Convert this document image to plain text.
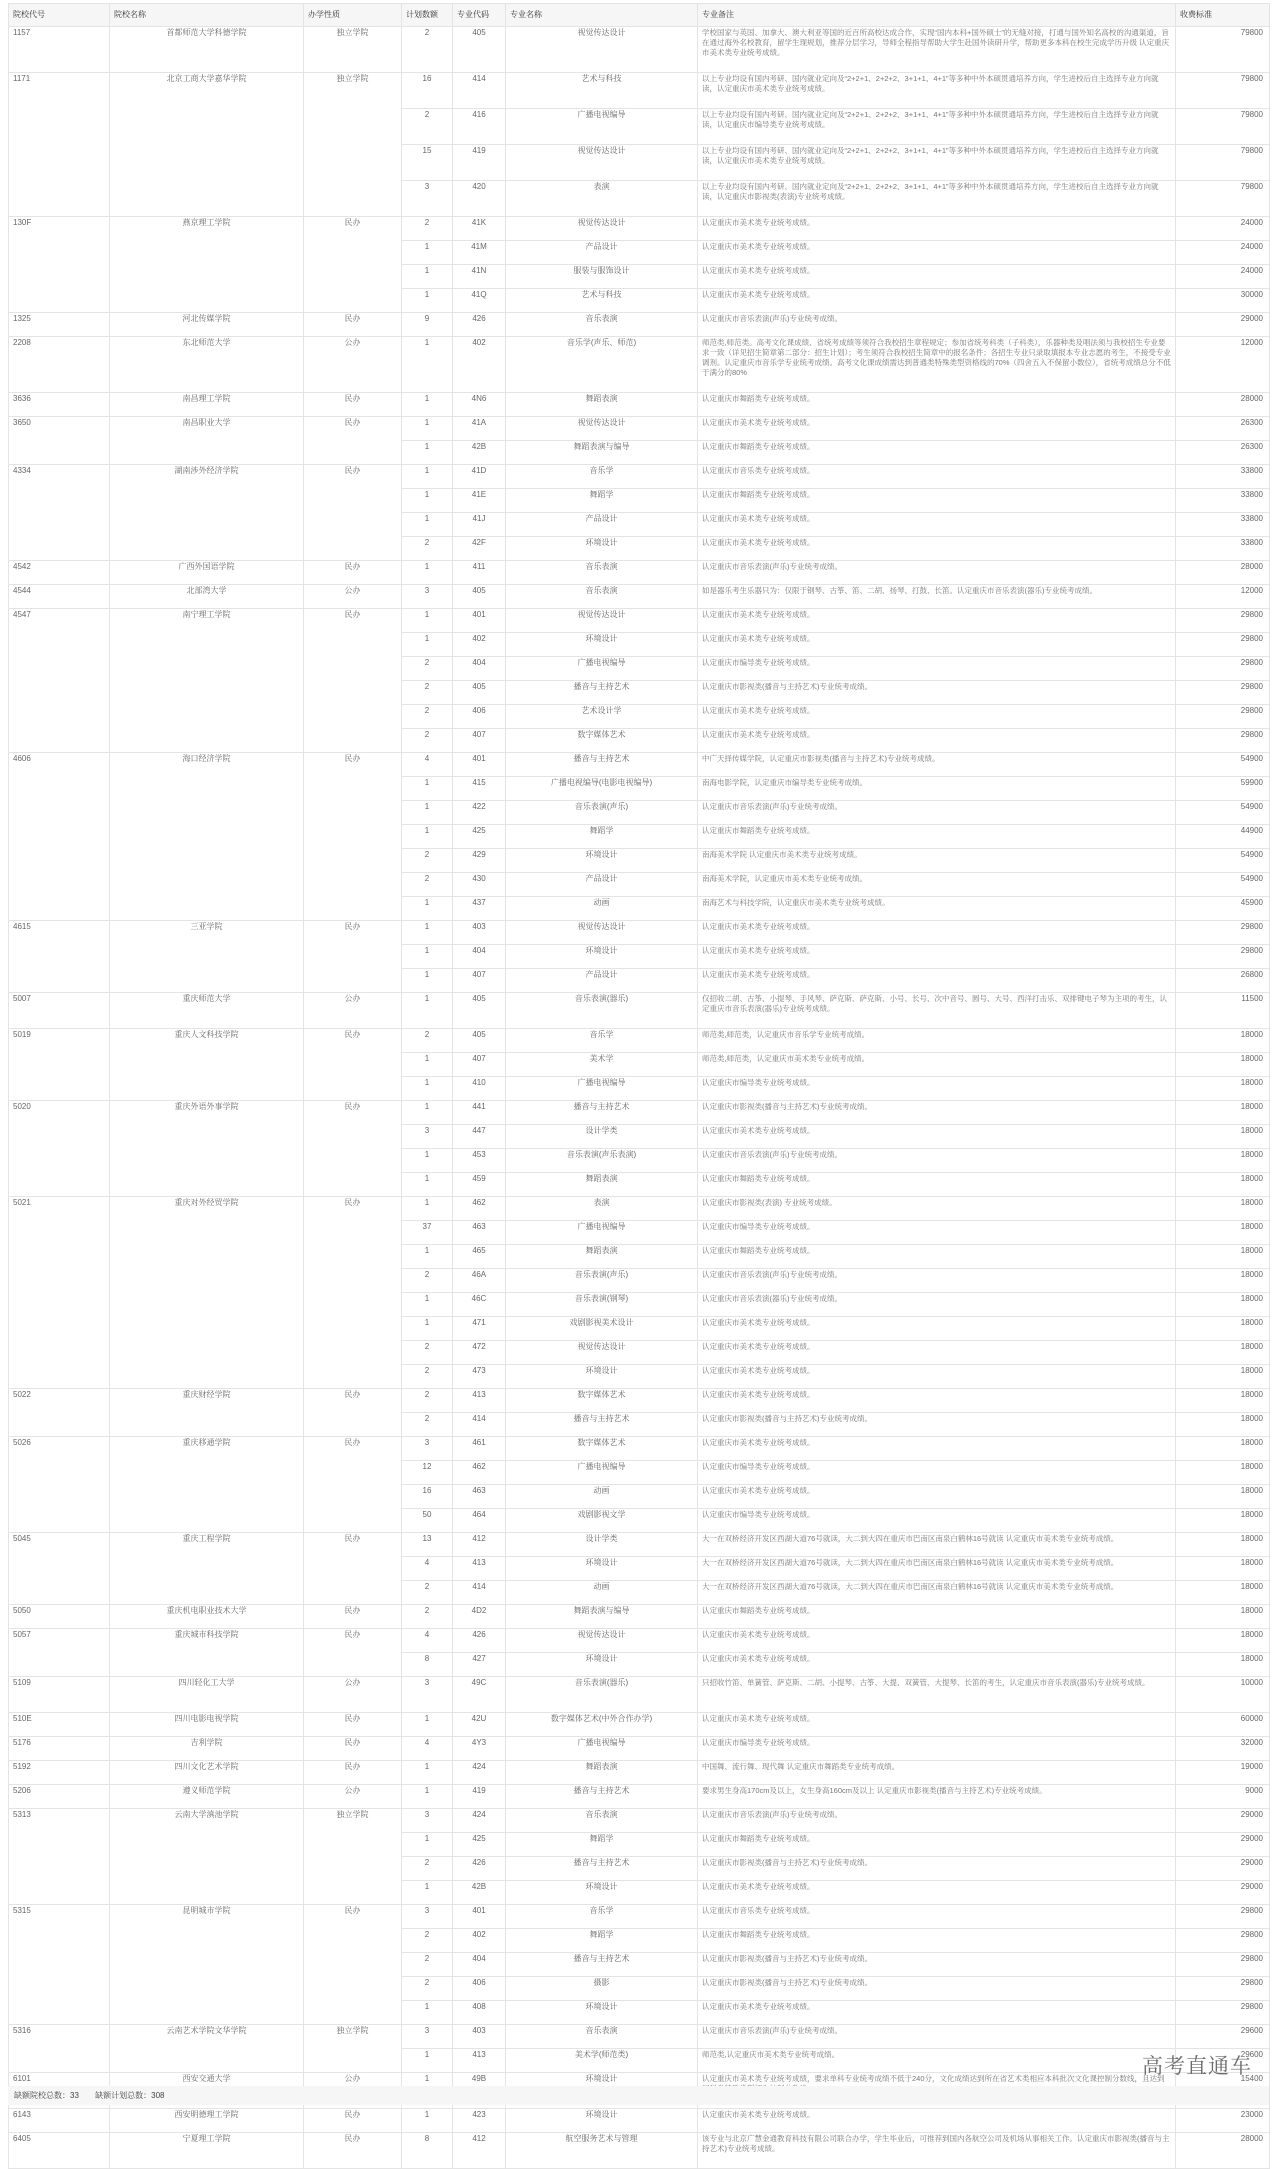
院校代号	院校名称	办学性质	计划数额	专业代码	专业名称	专业备注	收费标准
1157	首都师范大学科德学院	独立学院	2	405	视觉传达设计	学校国家与英国、加拿大、澳大利亚等国的近百所高校达成合作，实现“国内本科+国外硕士”的无缝对接，打通与国外知名高校的沟通渠道，旨在通过海外名校教育，留学生现规划，推荐分层学习，导师全程指导帮助大学生赴国外读研升学，帮助更多本科在校生完成学历升级 认定重庆市美术类专业统考成绩。	79800
1171	北京工商大学嘉华学院	独立学院	16	414	艺术与科技	以上专业均设有国内考研、国内就业定向及“2+2+1、2+2+2、3+1+1、4+1”等多种中外本硕贯通培养方向，学生进校后自主选择专业方向就读，认定重庆市美术类专业统考成绩。	79800
			2	416	广播电视编导	以上专业均设有国内考研、国内就业定向及“2+2+1、2+2+2、3+1+1、4+1”等多种中外本硕贯通培养方向，学生进校后自主选择专业方向就读，认定重庆市编导类专业统考成绩。	79800
			15	419	视觉传达设计	以上专业均设有国内考研、国内就业定向及“2+2+1、2+2+2、3+1+1、4+1”等多种中外本硕贯通培养方向，学生进校后自主选择专业方向就读，认定重庆市美术类专业统考成绩。	79800
			3	420	表演	以上专业均设有国内考研、国内就业定向及“2+2+1、2+2+2、3+1+1、4+1”等多种中外本硕贯通培养方向，学生进校后自主选择专业方向就读，认定重庆市影视类(表演)专业统考成绩。	79800
130F	燕京理工学院	民办	2	41K	视觉传达设计	认定重庆市美术类专业统考成绩。	24000
			1	41M	产品设计	认定重庆市美术类专业统考成绩。	24000
			1	41N	服装与服饰设计	认定重庆市美术类专业统考成绩。	24000
			1	41Q	艺术与科技	认定重庆市美术类专业统考成绩。	30000
1325	河北传媒学院	民办	9	426	音乐表演	认定重庆市音乐表演(声乐)专业统考成绩。	29000
2208	东北师范大学	公办	1	402	音乐学(声乐、师范)	师范类,师范类。高考文化课成绩、省统考成绩等须符合我校招生章程规定；参加省统考科类（子科类），乐器种类及唱法须与我校招生专业要求一致（详见招生简章第二部分：招生计划）；考生须符合我校招生简章中的报名条件；各招生专业只录取填报本专业志愿的考生，不接受专业调剂。认定重庆市音乐学专业统考成绩。高考文化课成绩需达到普通类特殊类型资格线的70%（四舍五入不保留小数位），省统考成绩总分不低于满分的80%	12000
3636	南昌理工学院	民办	1	4N6	舞蹈表演	认定重庆市舞蹈类专业统考成绩。	28000
3650	南昌职业大学	民办	1	41A	视觉传达设计	认定重庆市美术类专业统考成绩。	26300
			1	42B	舞蹈表演与编导	认定重庆市舞蹈类专业统考成绩。	26300
4334	湖南涉外经济学院	民办	1	41D	音乐学	认定重庆市音乐类专业统考成绩。	33800
			1	41E	舞蹈学	认定重庆市舞蹈类专业统考成绩。	33800
			1	41J	产品设计	认定重庆市美术类专业统考成绩。	33800
			2	42F	环境设计	认定重庆市美术类专业统考成绩。	33800
4542	广西外国语学院	民办	1	411	音乐表演	认定重庆市音乐表演(声乐)专业统考成绩。	28000
4544	北部湾大学	公办	3	405	音乐表演	如是器乐考生乐器只为：仅限于钢琴、古筝、笛、二胡、扬琴、打鼓、长笛。认定重庆市音乐表演(器乐)专业统考成绩。	12000
4547	南宁理工学院	民办	1	401	视觉传达设计	认定重庆市美术类专业统考成绩。	29800
			1	402	环境设计	认定重庆市美术类专业统考成绩。	29800
			2	404	广播电视编导	认定重庆市编导类专业统考成绩。	29800
			2	405	播音与主持艺术	认定重庆市影视类(播音与主持艺术)专业统考成绩。	29800
			2	406	艺术设计学	认定重庆市美术类专业统考成绩。	29800
			2	407	数字媒体艺术	认定重庆市美术类专业统考成绩。	29800
4606	海口经济学院	民办	4	401	播音与主持艺术	中广天择传媒学院，认定重庆市影视类(播音与主持艺术)专业统考成绩。	54900
			1	415	广播电视编导(电影电视编导)	南海电影学院，认定重庆市编导类专业统考成绩。	59900
			1	422	音乐表演(声乐)	认定重庆市音乐表演(声乐)专业统考成绩。	54900
			1	425	舞蹈学	认定重庆市舞蹈类专业统考成绩。	44900
			2	429	环境设计	南海美术学院 认定重庆市美术类专业统考成绩。	54900
			2	430	产品设计	南海美术学院，认定重庆市美术类专业统考成绩。	54900
			1	437	动画	南海艺术与科技学院，认定重庆市美术类专业统考成绩。	45900
4615	三亚学院	民办	1	403	视觉传达设计	认定重庆市美术类专业统考成绩。	29800
			1	404	环境设计	认定重庆市美术类专业统考成绩。	29800
			1	407	产品设计	认定重庆市美术类专业统考成绩。	26800
5007	重庆师范大学	公办	1	405	音乐表演(器乐)	仅招收二胡、古筝、小提琴、手风琴、萨克斯、萨克斯、小号、长号、次中音号、圆号、大号、西洋打击乐、双排键电子琴为主项的考生，认定重庆市音乐表演(器乐)专业统考成绩。	11500
5019	重庆人文科技学院	民办	2	405	音乐学	师范类,师范类，认定重庆市音乐学专业统考成绩。	18000
			1	407	美术学	师范类,师范类，认定重庆市美术类专业统考成绩。	18000
			1	410	广播电视编导	认定重庆市编导类专业统考成绩。	18000
5020	重庆外语外事学院	民办	1	441	播音与主持艺术	认定重庆市影视类(播音与主持艺术)专业统考成绩。	18000
			3	447	设计学类	认定重庆市美术类专业统考成绩。	18000
			1	453	音乐表演(声乐表演)	认定重庆市音乐表演(声乐)专业统考成绩。	18000
			1	459	舞蹈表演	认定重庆市舞蹈类专业统考成绩。	18000
5021	重庆对外经贸学院	民办	1	462	表演	认定重庆市影视类(表演) 专业统考成绩。	18000
			37	463	广播电视编导	认定重庆市编导类专业统考成绩。	18000
			1	465	舞蹈表演	认定重庆市舞蹈类专业统考成绩。	18000
			2	46A	音乐表演(声乐)	认定重庆市音乐表演(声乐)专业统考成绩。	18000
			1	46C	音乐表演(钢琴)	认定重庆市音乐表演(器乐)专业统考成绩。	18000
			1	471	戏剧影视美术设计	认定重庆市美术类专业统考成绩。	18000
			2	472	视觉传达设计	认定重庆市美术类专业统考成绩。	18000
			2	473	环境设计	认定重庆市美术类专业统考成绩。	18000
5022	重庆财经学院	民办	2	413	数字媒体艺术	认定重庆市美术类专业统考成绩。	18000
			2	414	播音与主持艺术	认定重庆市影视类(播音与主持艺术)专业统考成绩。	18000
5026	重庆移通学院	民办	3	461	数字媒体艺术	认定重庆市美术类专业统考成绩。	18000
			12	462	广播电视编导	认定重庆市编导类专业统考成绩。	18000
			16	463	动画	认定重庆市美术类专业统考成绩。	18000
			50	464	戏剧影视文学	认定重庆市编导类专业统考成绩。	18000
5045	重庆工程学院	民办	13	412	设计学类	大一在双桥经济开发区西湖大道76号就读，大二到大四在重庆市巴南区南泉白鹤林16号就读 认定重庆市美术类专业统考成绩。	18000
			4	413	环境设计	大一在双桥经济开发区西湖大道76号就读，大二到大四在重庆市巴南区南泉白鹤林16号就读 认定重庆市美术类专业统考成绩。	18000
			2	414	动画	大一在双桥经济开发区西湖大道76号就读，大二到大四在重庆市巴南区南泉白鹤林16号就读 认定重庆市美术类专业统考成绩。	18000
5050	重庆机电职业技术大学	民办	2	4D2	舞蹈表演与编导	认定重庆市舞蹈类专业统考成绩。	18000
5057	重庆城市科技学院	民办	4	426	视觉传达设计	认定重庆市美术类专业统考成绩。	18000
			8	427	环境设计	认定重庆市美术类专业统考成绩。	18000
5109	四川轻化工大学	公办	3	49C	音乐表演(器乐)	只招收竹笛、单簧管、萨克斯、二胡、小提琴、古筝、大提、双簧管、大提琴、长笛的考生，认定重庆市音乐表演(器乐)专业统考成绩。	10000
510E	四川电影电视学院	民办	1	42U	数字媒体艺术(中外合作办学)	认定重庆市美术类专业统考成绩。	60000
5176	吉利学院	民办	4	4Y3	广播电视编导	认定重庆市编导类专业统考成绩。	32000
5192	四川文化艺术学院	民办	1	424	舞蹈表演	中国舞、流行舞、现代舞 认定重庆市舞蹈类专业统考成绩。	19000
5206	遵义师范学院	公办	1	419	播音与主持艺术	要求男生身高170cm及以上，女生身高160cm及以上 认定重庆市影视类(播音与主持艺术)专业统考成绩。	9000
5313	云南大学滇池学院	独立学院	3	424	音乐表演	认定重庆市音乐表演(声乐)专业统考成绩。	29000
			1	425	舞蹈学	认定重庆市舞蹈类专业统考成绩。	29000
			2	426	播音与主持艺术	认定重庆市影视类(播音与主持艺术)专业统考成绩。	29000
			1	42B	环境设计	认定重庆市美术类专业统考成绩。	29000
5315	昆明城市学院	民办	3	401	音乐学	认定重庆市音乐类专业统考成绩。	29800
			2	402	舞蹈学	认定重庆市舞蹈类专业统考成绩。	29800
			2	404	播音与主持艺术	认定重庆市影视类(播音与主持艺术)专业统考成绩。	29800
			2	406	摄影	认定重庆市影视类(播音与主持艺术)专业统考成绩。	29800
			1	408	环境设计	认定重庆市美术类专业统考成绩。	29800
5316	云南艺术学院文华学院	独立学院	3	403	音乐表演	认定重庆市音乐表演(声乐)专业统考成绩。	29600
			1	413	美术学(师范类)	师范类,认定重庆市美术类专业统考成绩。	29600
6101	西安交通大学	公办	1	49B	环境设计	认定重庆市美术类专业统考成绩，要求单科专业统考成绩不低于240分，文化成绩达到所在省艺术类相应本科批次文化课控制分数线，且达到	15400
6143	西安明德理工学院	民办	1	423	环境设计	认定重庆市美术类专业统考成绩。	23000
6405	宁夏理工学院	民办	8	412	航空服务艺术与管理	该专业与北京广慧金通教育科技有限公司联合办学，学生毕业后，可推荐到国内各航空公司及机场从事相关工作。认定重庆市影视类(播音与主持艺术)专业统考成绩。	28000
缺额院校总数：33 缺额计划总数：308
高考直通车
